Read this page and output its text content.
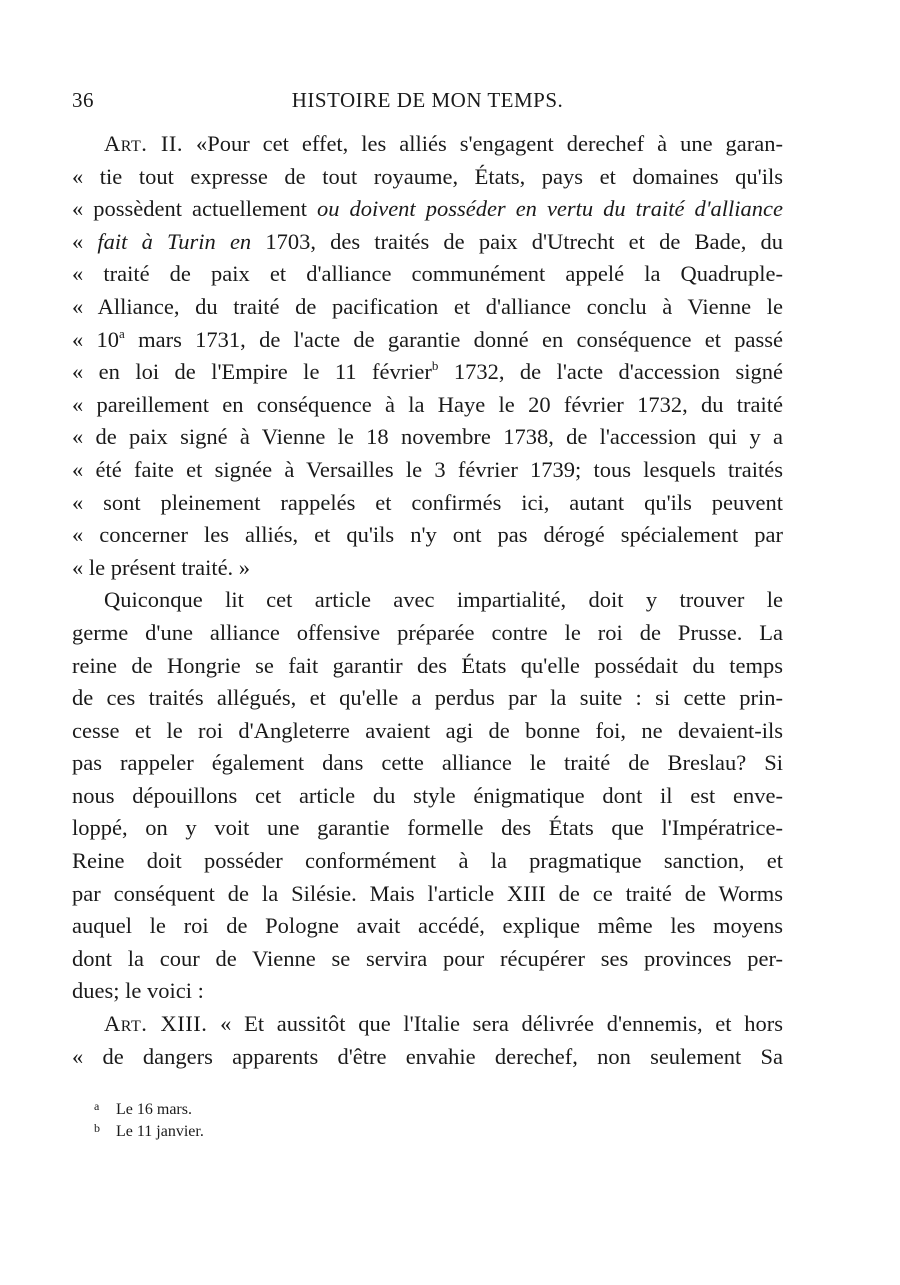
36	HISTOIRE DE MON TEMPS.
Art. II. «Pour cet effet, les alliés s'engagent derechef à une garan-
« tie tout expresse de tout royaume, États, pays et domaines qu'ils
« possèdent actuellement ou doivent posséder en vertu du traité d'alliance
« fait à Turin en 1703, des traités de paix d'Utrecht et de Bade, du
« traité de paix et d'alliance communément appelé la Quadruple-
« Alliance, du traité de pacification et d'alliance conclu à Vienne le
« 10$^a$ mars 1731, de l'acte de garantie donné en conséquence et passé
« en loi de l'Empire le 11 février$^b$ 1732, de l'acte d'accession signé
« pareillement en conséquence à la Haye le 20 février 1732, du traité
« de paix signé à Vienne le 18 novembre 1738, de l'accession qui y a
« été faite et signée à Versailles le 3 février 1739; tous lesquels traités
« sont pleinement rappelés et confirmés ici, autant qu'ils peuvent
« concerner les alliés, et qu'ils n'y ont pas dérogé spécialement par
« le présent traité. »
Quiconque lit cet article avec impartialité, doit y trouver le
germe d'une alliance offensive préparée contre le roi de Prusse. La
reine de Hongrie se fait garantir des États qu'elle possédait du temps
de ces traités allégués, et qu'elle a perdus par la suite : si cette prin-
cesse et le roi d'Angleterre avaient agi de bonne foi, ne devaient-ils
pas rappeler également dans cette alliance le traité de Breslau? Si
nous dépouillons cet article du style énigmatique dont il est enve-
loppé, on y voit une garantie formelle des États que l'Impératrice-
Reine doit posséder conformément à la pragmatique sanction, et
par conséquent de la Silésie. Mais l'article XIII de ce traité de Worms
auquel le roi de Pologne avait accédé, explique même les moyens
dont la cour de Vienne se servira pour récupérer ses provinces per-
dues; le voici :
Art. XIII. « Et aussitôt que l'Italie sera délivrée d'ennemis, et hors
« de dangers apparents d'être envahie derechef, non seulement Sa
a Le 16 mars.
b Le 11 janvier.
